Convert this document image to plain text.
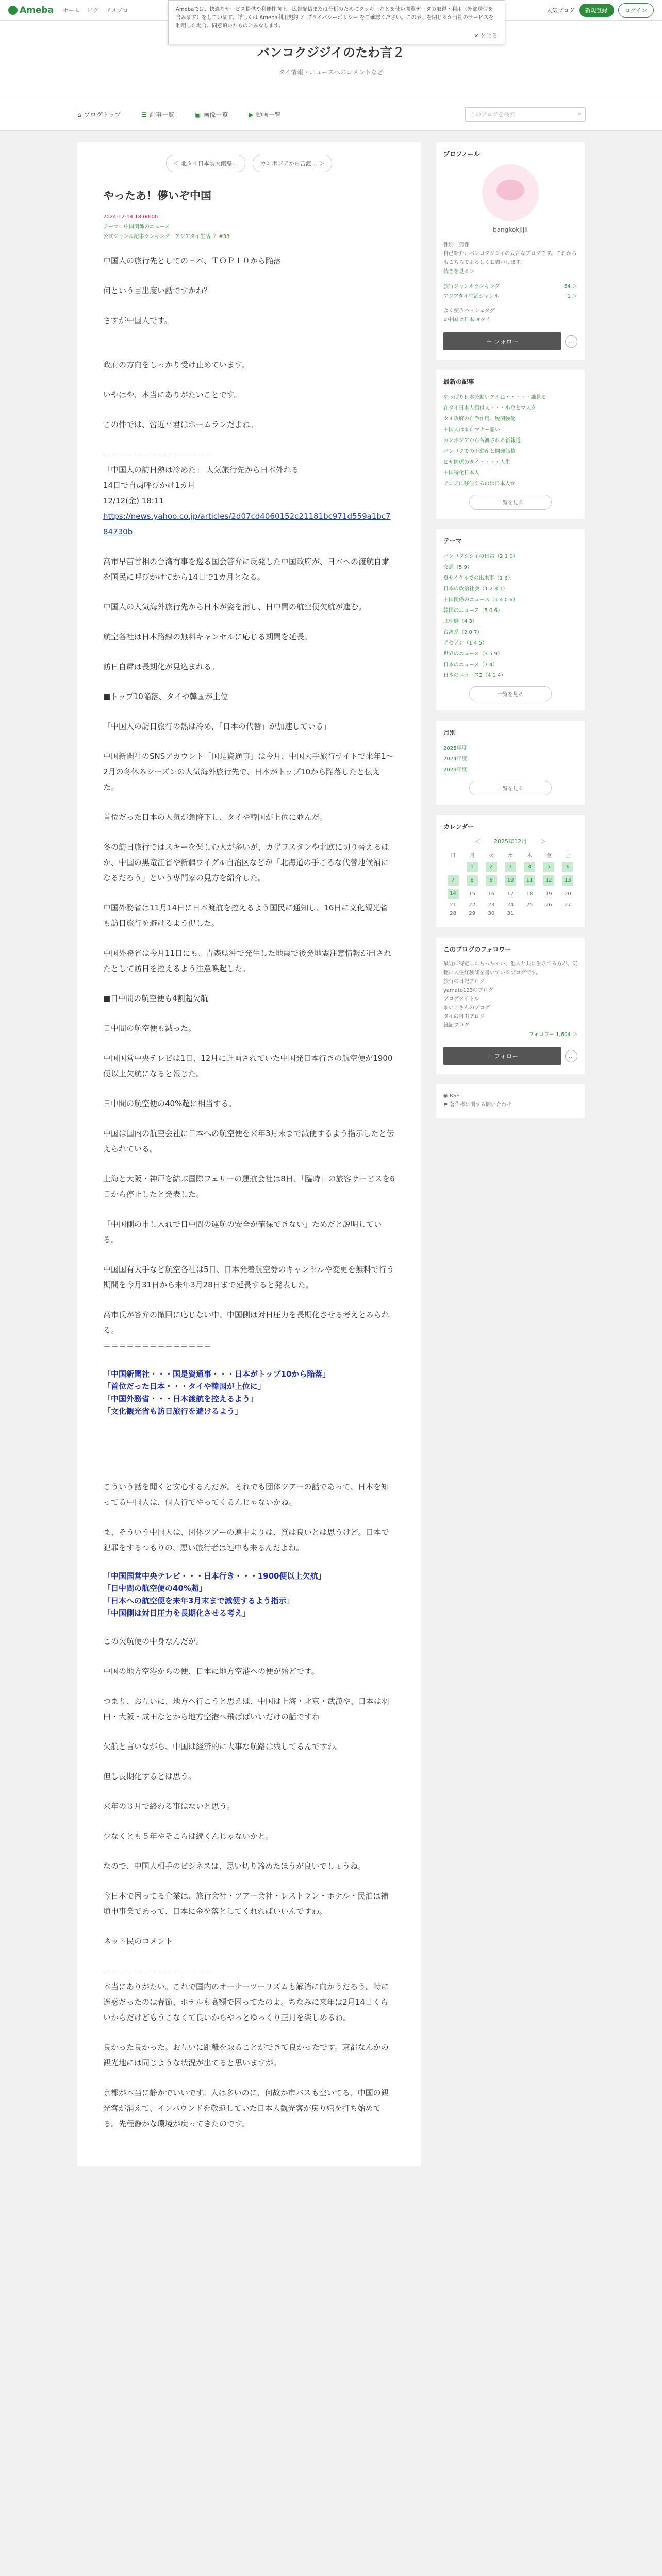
Ameba ホーム ピグ アメブロ	Amebaでは、快適なサービス提供や利便性向上、広告配信または分析のためにクッキーなどを使い閲覧データの取得・利用（外部送信を含みます）をしています。詳しくは Ameba利用規約 と プライバシーポリシー をご確認ください。この表示を閉じるか当社のサービスを利用した場合、同意頂いたものとみなします。
✕ とじる
人気ブログ	新規登録	ログイン
バンコクジジイのたわ言２
タイ情報・ニュースへのコメントなど
⌂ ブログトップ	☰ 記事一覧	▣ 画像一覧	▶ 動画一覧	このブログを検索	⌕
＜ 北タイ日本製大館爆…	カンボジアから苦渡… ＞
やったあ！儚いぞ中国
2024-12-14 18:00:00
テーマ：中国関係のニュース
公式ジャンル記事ランキング：アジアタイ生活 ７ #38

中国人の旅行先としての日本、ＴＯＰ１０から陥落

何という目出度い話ですかね？

さすが中国人です。

政府の方向をしっかり受け止めています。

いやはや、本当にありがたいことです。

この件では、習近平君はホームランだよね。

－－－－－－－－－－－－－－

「中国人の訪日熱は冷めた」 人気旅行先から日本外れる

14日で自粛呼びかけ1カ月

12/12(金) 18:11

https://news.yahoo.co.jp/articles/2d07cd4060152c21181bc971d559a1bc784730b

高市早苗首相の台湾有事を巡る国会答弁に反発した中国政府が、日本への渡航自粛を国民に呼びかけてから14日で1カ月となる。

中国人の人気海外旅行先から日本が姿を消し、日中間の航空便欠航が進む。

航空各社は日本路線の無料キャンセルに応じる期間を延長。

訪日自粛は長期化が見込まれる。

■トップ10陥落、タイや韓国が上位

「中国人の訪日旅行の熱は冷め、「日本の代替」が加速している」

中国新聞社のSNSアカウント「国是資通事」は今月、中国大手旅行サイトで来年1〜2月の冬休みシーズンの人気海外旅行先で、日本がトップ10から陥落したと伝えた。

首位だった日本の人気が急降下し、タイや韓国が上位に並んだ。

冬の訪日旅行ではスキーを楽しむ人が多いが、カザフスタンや北欧に切り替えるほか、中国の黒竜江省や新疆ウイグル自治区などが「北海道の手ごろな代替地候補になるだろう」という専門家の見方を紹介した。

中国外務省は11月14日に日本渡航を控えるよう国民に通知し、16日に文化観光省も訪日旅行を避けるよう促した。

中国外務省は今月11日にも、青森県沖で発生した地震で後発地震注意情報が出されたとして訪日を控えるよう注意喚起した。

■日中間の航空便も4割超欠航

日中間の航空便も減った。

中国国営中央テレビは1日、12月に計画されていた中国発日本行きの航空便が1900便以上欠航になると報じた。

日中間の航空便の40%超に相当する。

中国は国内の航空会社に日本への航空便を来年3月末まで減便するよう指示したと伝えられている。

上海と大阪・神戸を結ぶ国際フェリーの運航会社は8日、「臨時」の旅客サービスを6日から停止したと発表した。

「中国側の申し入れで日中間の運航の安全が確保できない」ためだと説明している。

中国国有大手など航空各社は5日、日本発着航空券のキャンセルや変更を無料で行う期間を今月31日から来年3月28日まで延長すると発表した。

高市氏が答弁の撤回に応じない中、中国側は対日圧力を長期化させる考えとみられる。

＝＝＝＝＝＝＝＝＝＝＝＝＝＝

「中国新聞社・・・国是資通事・・・日本がトップ10から陥落」
「首位だった日本・・・タイや韓国が上位に」
「中国外務省・・・日本渡航を控えるよう」
「文化観光省も訪日旅行を避けるよう」

こういう話を聞くと安心するんだが。それでも団体ツアーの話であって、日本を知ってる中国人は、個人行でやってくるんじゃないかね。

ま、そういう中国人は、団体ツアーの連中よりは、質は良いとは思うけど。日本で犯罪をするつもりの、悪い旅行者は連中も来るんだよね。

「中国国営中央テレビ・・・日本行き・・・1900便以上欠航」
「日中間の航空便の40%超」
「日本への航空便を来年3月末まで減便するよう指示」
「中国側は対日圧力を長期化させる考え」

この欠航便の中身なんだが。

中国の地方空港からの便、日本に地方空港への便が殆どです。

つまり、お互いに、地方へ行こうと思えば、中国は上海・北京・武漢や、日本は羽田・大阪・成田なとから地方空港へ飛ばばいいだけの話ですわ

欠航と言いながら、中国は経済的に大事な航路は残してるんですわ。

但し長期化するとは思う。

来年の３月で終わる事はないと思う。

少なくとも５年やそこらは続くんじゃないかと。

なので、中国人相手のビジネスは、思い切り諦めたほうが良いでしょうね。

今日本で困ってる企業は、旅行会社・ツアー会社・レストラン・ホテル・民泊は補填申事業であって、日本に金を落としてくれればいいんですわ。

ネット民のコメント

－－－－－－－－－－－－－－

本当にありがたい。これで国内のオーナーツーリズムも解消に向かうだろう。特に迷惑だったのは春節、ホテルも高額で困ってたのよ。ちなみに来年は2月14日くらいからだけどもうこなくて良いからやっとゆっくり正月を楽しめるね。

良かった良かった。お互いに距離を取ることができて良かったです。京都なんかの観光地には同じような状況が出てると思いますが。

京都が本当に静かでいいです。人は多いのに、何故か市バスも空いてる、中国の観光客が消えて、インバウンドを敬遠していた日本人観光客が戻り嬉を打ち始めてる。先程静かな環境が戻ってきたのです。

プロフィール
bangkokjijii
性別：男性
自己紹介：バンコクジジイの妄言なブログです。これからもこちらでよろしくお願いします。
続きを見る＞
旅行ジャンルランキング	54 ＞
アジアタイ生活ジャンル	1 ＞
よく使うハッシュタグ
#中国 #日本 #タイ
＋ フォロー	…
最新の記事
やっぱり日本分断いアルね・・・・・誰見る
在タイ日本人館付人・・・小豆とマスク
タイ政府の自浄作用、税関強化
中国人はまたマナー悪い
カンボジアから苦渡される新報道
バンコクでの不動産と開発価格
ビザ関係のタイ・・・・人生
中国特化日本人
アジアに移住するのは日本人か
一覧を見る
テーマ
バンコクジジイの日常（2 1 0）
交通（5 9）
夏サイクルでの出来事（1 6）
日本の政治社会（1 2 8 1）
中国関係のニュース（1 4 0 6）
韓国のニュース（5 0 6）
北朝鮮（4 3）
台湾系（2 0 7）
アセアン（1 4 5）
世界のニュース（3 5 9）
日本のニュース（7 4）
日本のニュース2（4 1 4）
一覧を見る
月別
2025年度
2024年度
2023年度
一覧を見る
カレンダー
＜ 2025年12月 ＞
日	月	火	水	木	金	土
	1	2	3	4	5	6
7	8	9	10	11	12	13
14	15	16	17	18	19	20
21	22	23	24	25	26	27
28	29	30	31			
このブログのフォロワー
最近に特定したちっちゃい、他人と共に生きてる方が、気軽に人生経験談を書いているブログです。
旅行の日記ブログ
yamato123のブログ
ブログタイトル
まいこさんのブログ
タイの自由ブログ
雑記ブログ
フォロワー 1,604 ＞
＋ フォロー	…
◉ RSS
⚑ 著作権に関する問い合わせ
